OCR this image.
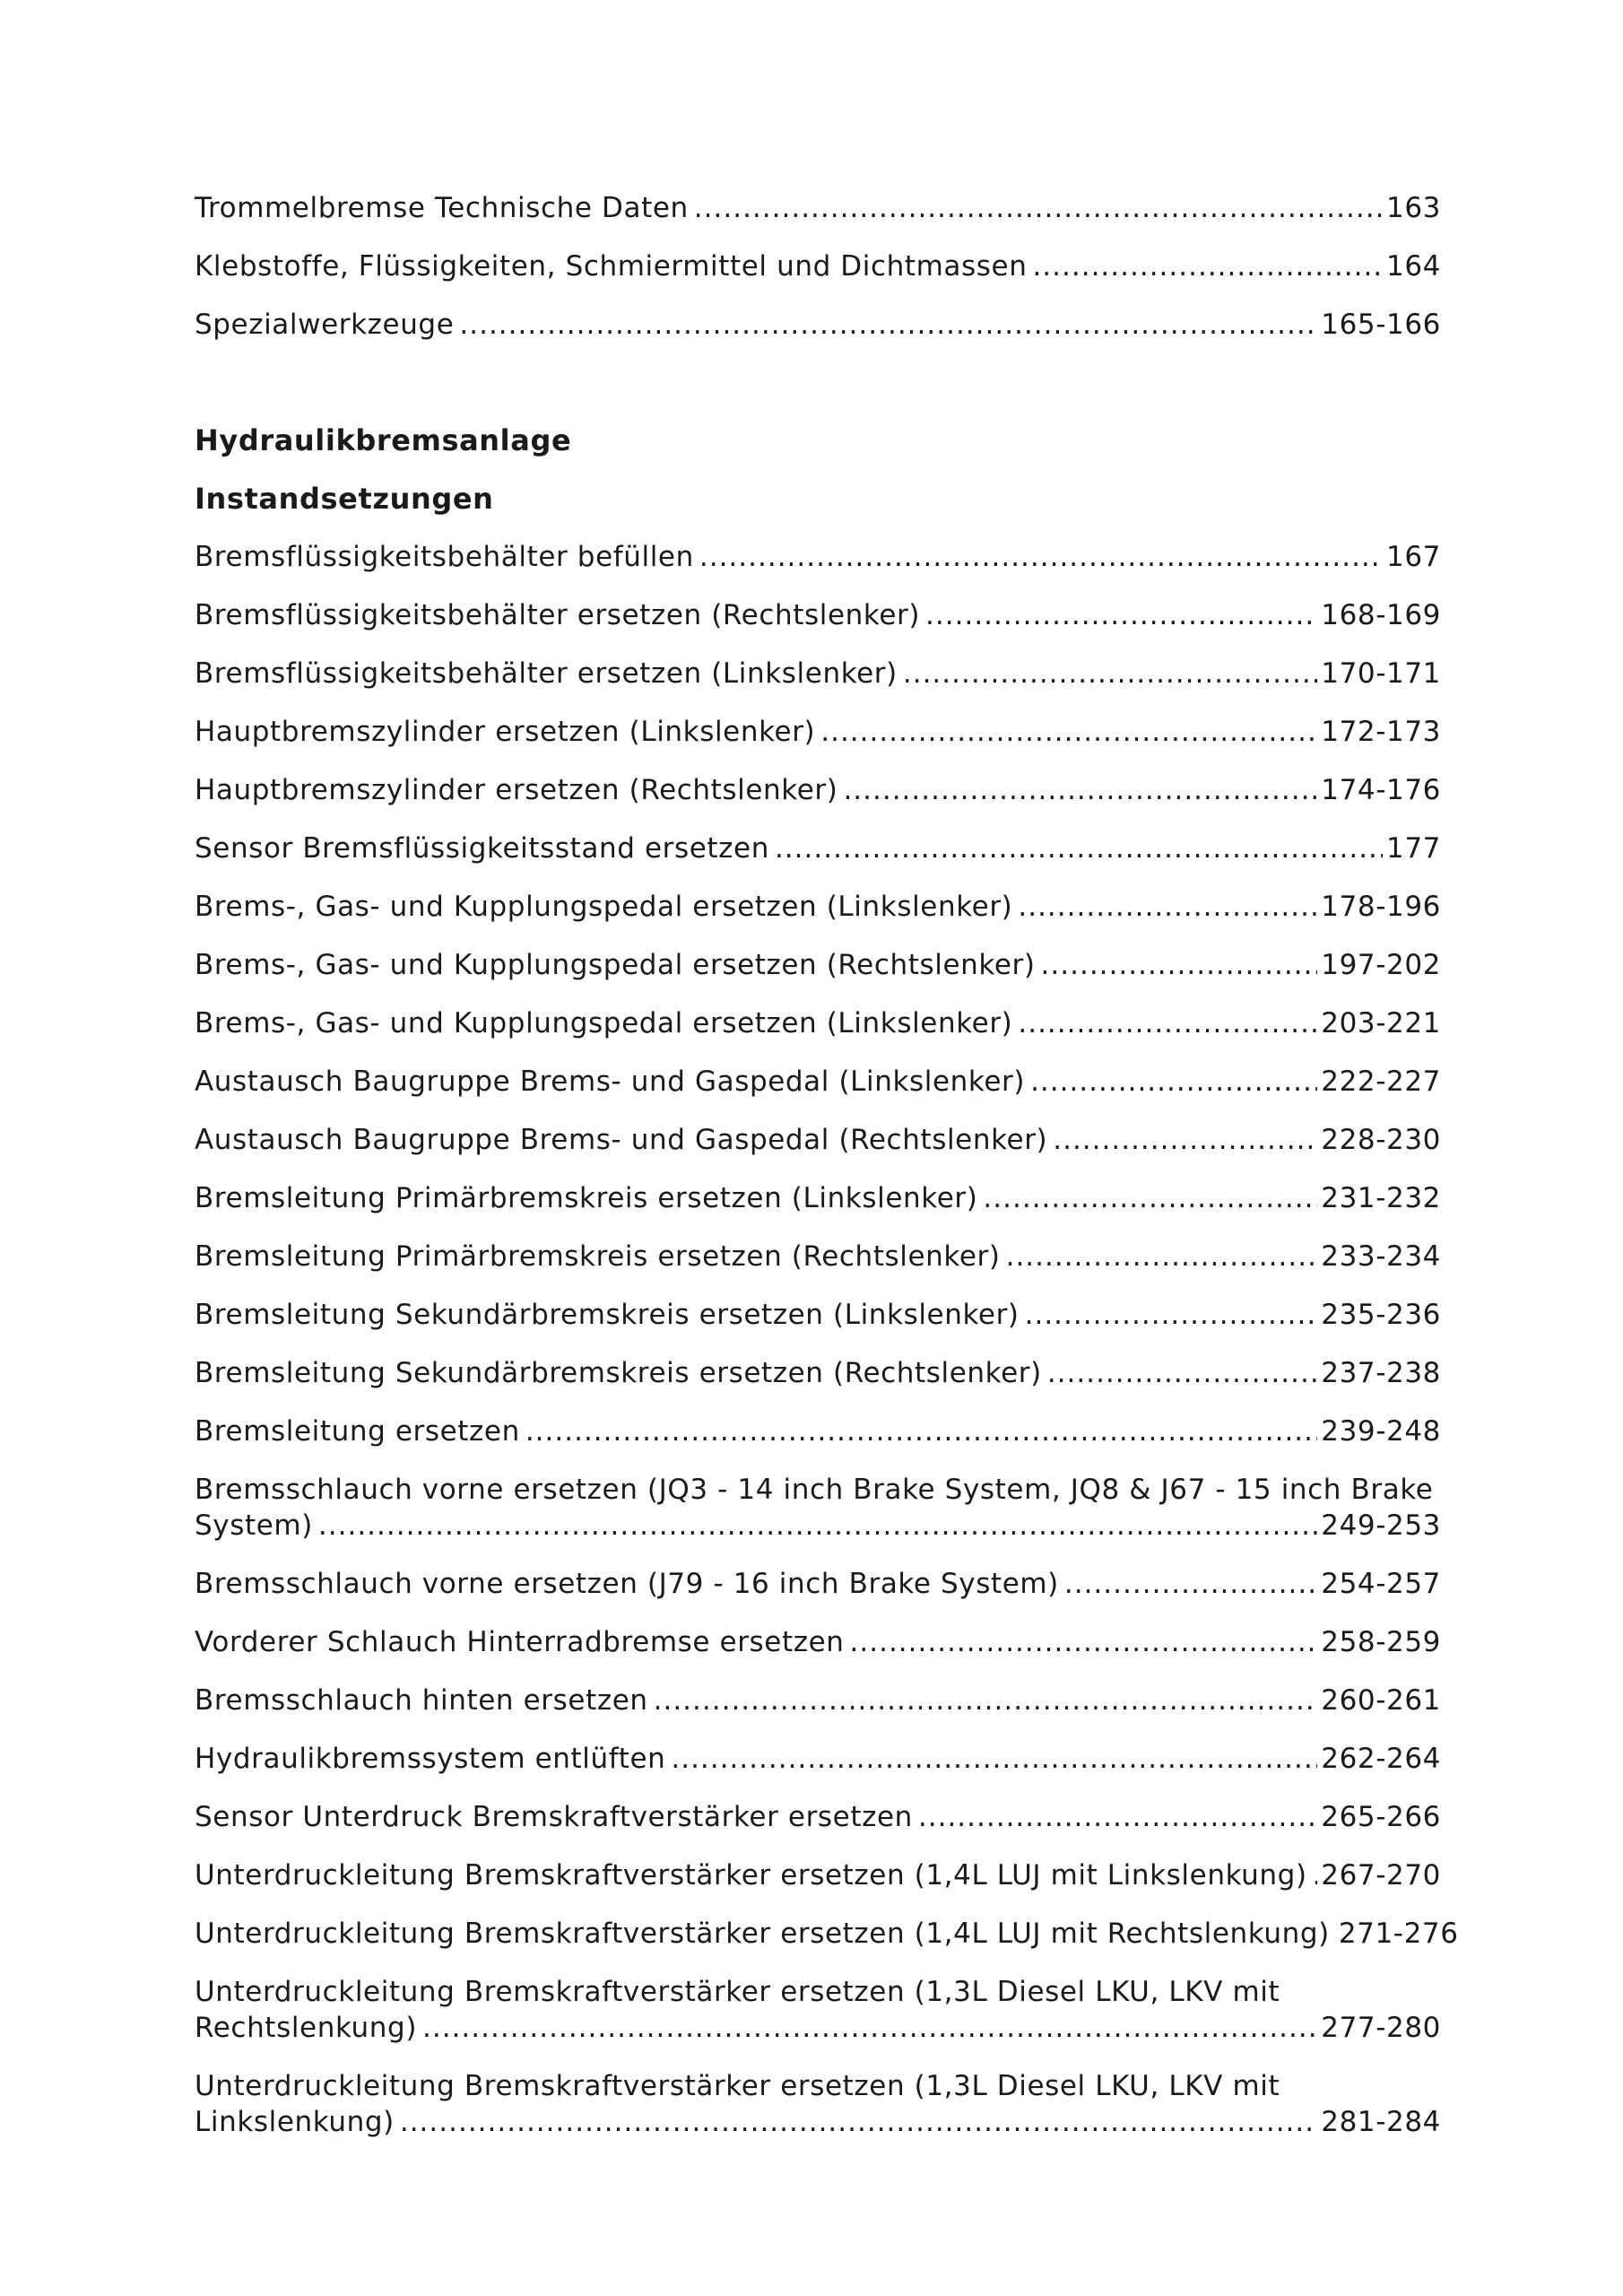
Trommelbremse Technische Daten .....	163
Klebstoffe, Flüssigkeiten, Schmiermittel und Dichtmassen .....	164
Spezialwerkzeuge .....	165-166
Hydraulikbremsanlage
Instandsetzungen
Bremsflüssigkeitsbehälter befüllen .....	167
Bremsflüssigkeitsbehälter ersetzen (Rechtslenker) .....	168-169
Bremsflüssigkeitsbehälter ersetzen (Linkslenker) .....	170-171
Hauptbremszylinder ersetzen (Linkslenker) .....	172-173
Hauptbremszylinder ersetzen (Rechtslenker) .....	174-176
Sensor Bremsflüssigkeitsstand ersetzen .....	177
Brems-, Gas- und Kupplungspedal ersetzen (Linkslenker) .....	178-196
Brems-, Gas- und Kupplungspedal ersetzen (Rechtslenker) .....	197-202
Brems-, Gas- und Kupplungspedal ersetzen (Linkslenker) .....	203-221
Austausch Baugruppe Brems- und Gaspedal (Linkslenker) .....	222-227
Austausch Baugruppe Brems- und Gaspedal (Rechtslenker) .....	228-230
Bremsleitung Primärbremskreis ersetzen (Linkslenker) .....	231-232
Bremsleitung Primärbremskreis ersetzen (Rechtslenker) .....	233-234
Bremsleitung Sekundärbremskreis ersetzen (Linkslenker) .....	235-236
Bremsleitung Sekundärbremskreis ersetzen (Rechtslenker) .....	237-238
Bremsleitung ersetzen .....	239-248
Bremsschlauch vorne ersetzen (JQ3 - 14 inch Brake System, JQ8 & J67 - 15 inch Brake
System) .....	249-253
Bremsschlauch vorne ersetzen (J79 - 16 inch Brake System) .....	254-257
Vorderer Schlauch Hinterradbremse ersetzen .....	258-259
Bremsschlauch hinten ersetzen .....	260-261
Hydraulikbremssystem entlüften .....	262-264
Sensor Unterdruck Bremskraftverstärker ersetzen .....	265-266
Unterdruckleitung Bremskraftverstärker ersetzen (1,4L LUJ mit Linkslenkung) ..... 267-270
Unterdruckleitung Bremskraftverstärker ersetzen (1,4L LUJ mit Rechtslenkung) 271-276
Unterdruckleitung Bremskraftverstärker ersetzen (1,3L Diesel LKU, LKV mit
Rechtslenkung) .....	277-280
Unterdruckleitung Bremskraftverstärker ersetzen (1,3L Diesel LKU, LKV mit
Linkslenkung) .....	281-284
